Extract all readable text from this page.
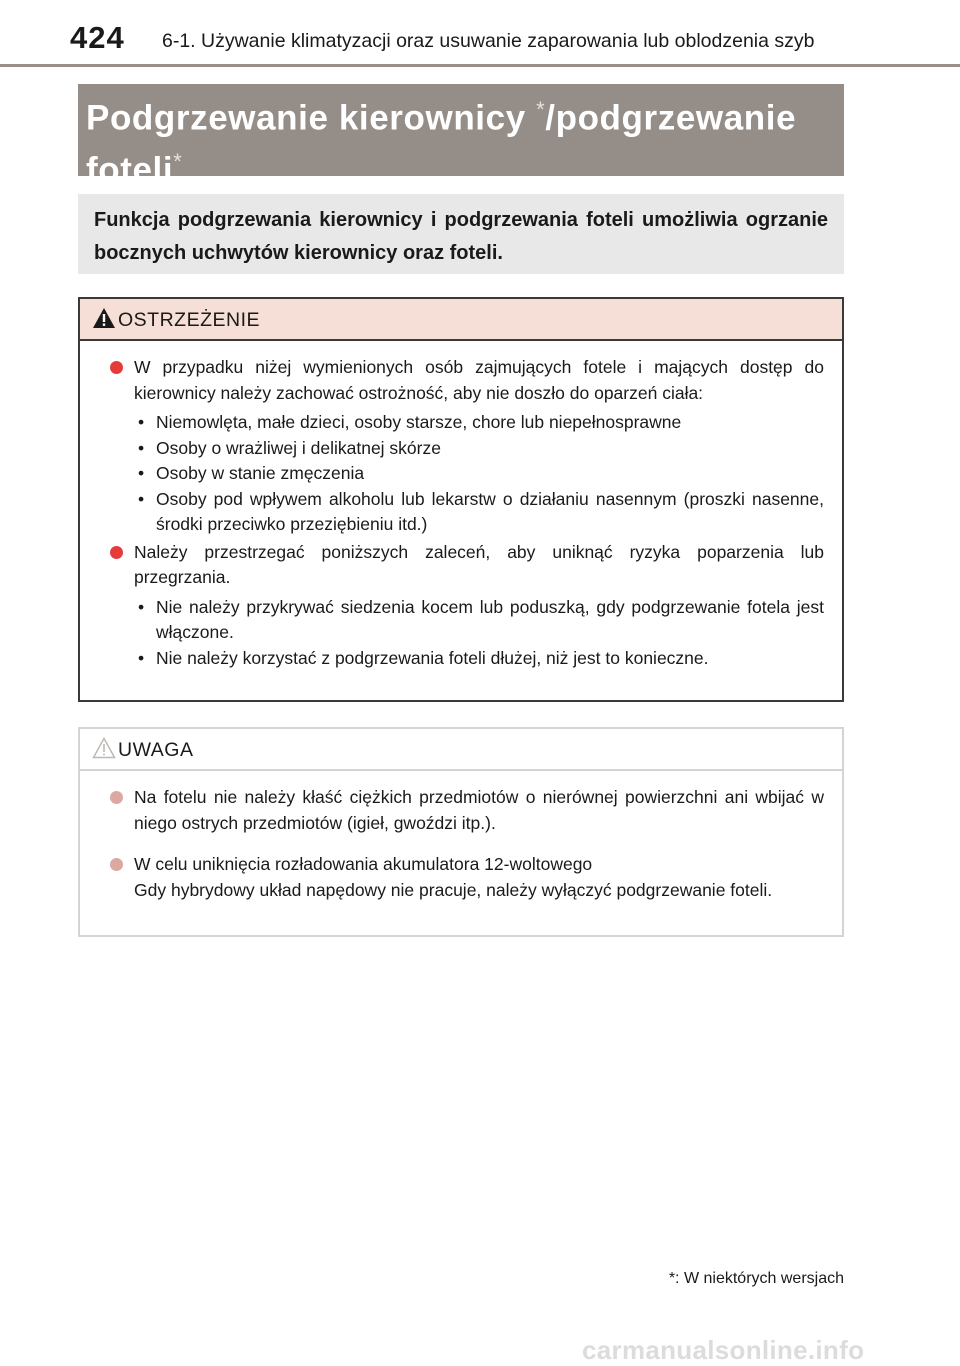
424 6-1. Używanie klimatyzacji oraz usuwanie zaparowania lub oblodzenia szyb
Podgrzewanie kierownicy */podgrzewanie
foteli*
Funkcja podgrzewania kierownicy i podgrzewania foteli umożliwia ogrzanie bocznych uchwytów kierownicy oraz foteli.
OSTRZEŻENIE
W przypadku niżej wymienionych osób zajmujących fotele i mających dostęp do kierownicy należy zachować ostrożność, aby nie doszło do oparzeń ciała:
• Niemowlęta, małe dzieci, osoby starsze, chore lub niepełnosprawne
• Osoby o wrażliwej i delikatnej skórze
• Osoby w stanie zmęczenia
• Osoby pod wpływem alkoholu lub lekarstw o działaniu nasennym (proszki nasenne, środki przeciwko przeziębieniu itd.)
Należy przestrzegać poniższych zaleceń, aby uniknąć ryzyka poparzenia lub przegrzania.
• Nie należy przykrywać siedzenia kocem lub poduszką, gdy podgrzewanie fotela jest włączone.
• Nie należy korzystać z podgrzewania foteli dłużej, niż jest to konieczne.
UWAGA
Na fotelu nie należy kłaść ciężkich przedmiotów o nierównej powierzchni ani wbijać w niego ostrych przedmiotów (igieł, gwoździ itp.).
W celu uniknięcia rozładowania akumulatora 12-woltowego
Gdy hybrydowy układ napędowy nie pracuje, należy wyłączyć podgrzewanie foteli.
*: W niektórych wersjach
carmanualsonline.info
